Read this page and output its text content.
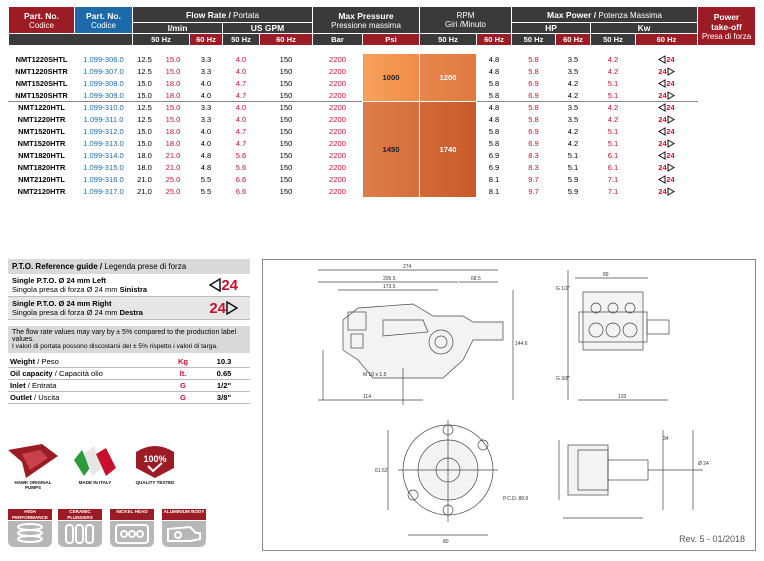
Part. No.
Codice	Part. No.
Codice	Flow Rate / Portata					Max Pressure
Pressione massima		RPM
Giri /Minuto		Max Power / Potenza Massima				Power
take-off
Presa di forza

		l/min			US GPM						HP		Kw		

		50 Hz		60 Hz	50 Hz	60 Hz	Bar	Psi	50 Hz	60 Hz	50 Hz	60 Hz	50 Hz	60 Hz	

NMT1220SHTL	1.099-306.0	12.5	15.0	3.3	4.0	150	2200	1000	1200	4.8	5.8	3.5	4.2	24	
NMT1220SHTR	1.099-307.0	12.5	15.0	3.3	4.0	150	2200			4.8	5.8	3.5	4.2	24	
NMT1520SHTL	1.099-308.0	15.0	18.0	4.0	4.7	150	2200			5.8	6.9	4.2	5.1	24	
NMT1520SHTR	1.099-309.0	15.0	18.0	4.0	4.7	150	2200			5.8	6.9	4.2	5.1	24	
NMT1220HTL	1.099-310.0	12.5	15.0	3.3	4.0	150	2200	1450	1740	4.8	5.8	3.5	4.2	24	
NMT1220HTR	1.099-311.0	12.5	15.0	3.3	4.0	150	2200			4.8	5.8	3.5	4.2	24	
NMT1520HTL	1.099-312.0	15.0	18.0	4.0	4.7	150	2200			5.8	6.9	4.2	5.1	24	
NMT1520HTR	1.099-313.0	15.0	18.0	4.0	4.7	150	2200			5.8	6.9	4.2	5.1	24	
NMT1820HTL	1.099-314.0	18.0	21.0	4.8	5.6	150	2200			6.9	8.3	5.1	6.1	24	
NMT1820HTR	1.099-315.0	18.0	21.0	4.8	5.6	150	2200			6.9	8.3	5.1	6.1	24	
NMT2120HTL	1.099-316.0	21.0	25.0	5.5	6.6	150	2200			8.1	9.7	5.9	7.1	24	
NMT2120HTR	1.099-317.0	21.0	25.0	5.5	6.6	150	2200			8.1	9.7	5.9	7.1	24	
P.T.O. Reference guide / Legenda prese di forza
Single P.T.O. Ø 24 mm Left
Singola presa di forza Ø 24 mm Sinistra	24
Single P.T.O. Ø 24 mm Right
Singola presa di forza Ø 24 mm Destra	24
The flow rate values may vary by ± 5% compared to the production label values.
I valori di portata possono discostarsi del ± 5% rispetto i valori di targa.
Weight / Peso	Kg	10.3
Oil capacity / Capacità olio	lt.	0.65
Inlet / Entrata	G	1/2"
Outlet / Uscita	G	3/8"
HAWK ORIGINAL PUMPS
MADE IN ITALY
100%
QUALITY TESTED
HIGH PERFORMANCE
CERAMIC PLUNGERS
NICKEL HEAD	ALUMINIUM BODY
274
205.5	68.5
173.5
144.6
114
G 1/2"
G 3/8"
133
89
34
M 10 x 1.5
Ø 24
61.52
80
P.C.D. 88.9
Rev. 5 - 01/2018
